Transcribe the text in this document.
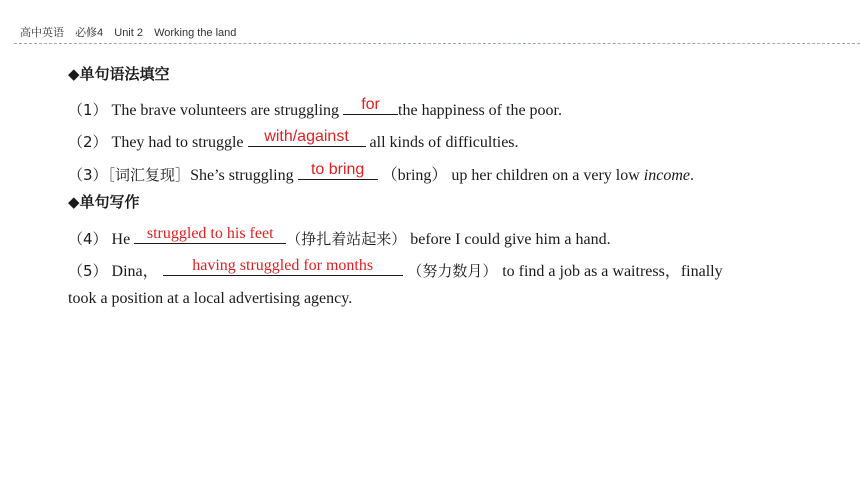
高中英语 必修4 Unit 2 Working the land
◆单句语法填空
（1） The brave volunteers are struggling	for	the happiness of the poor.
（2） They had to struggle	with/against	all kinds of difficulties.
（3）［词汇复现］She’s struggling to bring （bring） up her children on a very low income.
◆单句写作
（4） He struggled to his feet （挣扎着站起来） before I could give him a hand.
（5） Dina，	having struggled for months	（努力数月） to find a job as a waitress，finally
took a position at a local advertising agency.
